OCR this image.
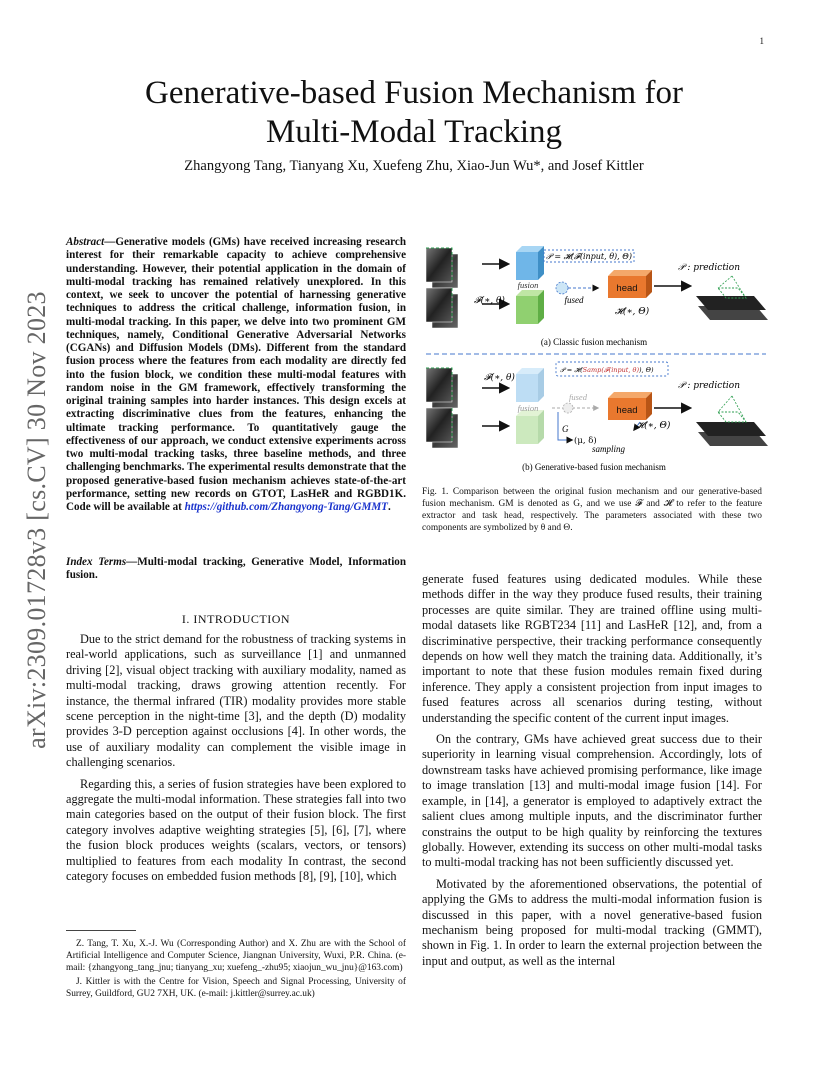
1
arXiv:2309.01728v3 [cs.CV] 30 Nov 2023
Generative-based Fusion Mechanism for
Multi-Modal Tracking
Zhangyong Tang, Tianyang Xu, Xuefeng Zhu, Xiao-Jun Wu*, and Josef Kittler

Abstract—Generative models (GMs) have received increasing research interest for their remarkable capacity to achieve comprehensive understanding. However, their potential application in the domain of multi-modal tracking has remained relatively unexplored. In this context, we seek to uncover the potential of harnessing generative techniques to address the critical challenge, information fusion, in multi-modal tracking. In this paper, we delve into two prominent GM techniques, namely, Conditional Generative Adversarial Networks (CGANs) and Diffusion Models (DMs). Different from the standard fusion process where the features from each modality are directly fed into the fusion block, we condition these multi-modal features with random noise in the GM framework, effectively transforming the original training samples into harder instances. This design excels at extracting discriminative clues from the features, enhancing the ultimate tracking performance. To quantitatively gauge the effectiveness of our approach, we conduct extensive experiments across two multi-modal tracking tasks, three baseline methods, and three challenging benchmarks. The experimental results demonstrate that the proposed generative-based fusion mechanism achieves state-of-the-art performance, setting new records on GTOT, LasHeR and RGBD1K. Code will be available at https://github.com/Zhangyong-Tang/GMMT.

Index Terms—Multi-modal tracking, Generative Model, Information fusion.

I. INTRODUCTION

Due to the strict demand for the robustness of tracking systems in real-world applications, such as surveillance [1] and unmanned driving [2], visual object tracking with auxiliary modality, named as multi-modal tracking, draws growing attention recently. For instance, the thermal infrared (TIR) modality provides more stable scene perception in the night-time [3], and the depth (D) modality provides 3-D perception against occlusions [4]. In other words, the use of auxiliary modality can complement the visible image in challenging scenarios.

Regarding this, a series of fusion strategies have been explored to aggregate the multi-modal information. These strategies fall into two main categories based on the output of their fusion block. The first category involves adaptive weighting strategies [5], [6], [7], where the fusion block produces weights (scalars, vectors, or tensors) multiplied to features from each modality In contrast, the second category focuses on embedded fusion methods [8], [9], [10], which

Z. Tang, T. Xu, X.-J. Wu (Corresponding Author) and X. Zhu are with the School of Artificial Intelligence and Computer Science, Jiangnan University, Wuxi, P.R. China. (e-mail: {zhangyong_tang_jnu; tianyang_xu; xuefeng_-zhu95; xiaojun_wu_jnu}@163.com)

J. Kittler is with the Centre for Vision, Speech and Signal Processing, University of Surrey, Guildford, GU2 7XH, UK. (e-mail: j.kittler@surrey.ac.uk)

𝓕(∗, θ)
fusion
𝒫 = 𝓗(𝓕(input, θ), Θ)
fused
head
𝓗(∗, Θ)
𝒫 : prediction
(a) Classic fusion mechanism
𝓕(∗, θ)
fusion
𝒫 = 𝓗(Samp(𝓕(input, θ)), Θ)
fused
G
(μ, δ)
sampling
head
𝓗(∗, Θ)
𝒫 : prediction
(b) Generative-based fusion mechanism
Fig. 1. Comparison between the original fusion mechanism and our generative-based fusion mechanism. GM is denoted as G, and we use 𝓕 and 𝓗 to refer to the feature extractor and task head, respectively. The parameters associated with these two components are symbolized by θ and Θ.

generate fused features using dedicated modules. While these methods differ in the way they produce fused results, their training processes are quite similar. They are trained offline using multi-modal datasets like RGBT234 [11] and LasHeR [12], and, from a discriminative perspective, their tracking performance consequently depends on how well they match the training data. Additionally, it’s important to note that these fusion modules remain fixed during inference. They apply a consistent projection from input images to fused features across all scenarios during testing, without understanding the specific content of the current input images.

On the contrary, GMs have achieved great success due to their superiority in learning visual comprehension. Accordingly, lots of downstream tasks have achieved promising performance, like image to image translation [13] and multi-modal image fusion [14]. For example, in [14], a generator is employed to adaptively extract the salient clues among multiple inputs, and the discriminator further constrains the output to be high quality by reinforcing the textures globally. However, extending its success on other multi-modal tasks to multi-modal tracking has not been sufficiently discussed yet.

Motivated by the aforementioned observations, the potential of applying the GMs to address the multi-modal information fusion is discussed in this paper, with a novel generative-based fusion mechanism being proposed for multi-modal tracking (GMMT), shown in Fig. 1. In order to learn the external projection between the input and output, as well as the internal
